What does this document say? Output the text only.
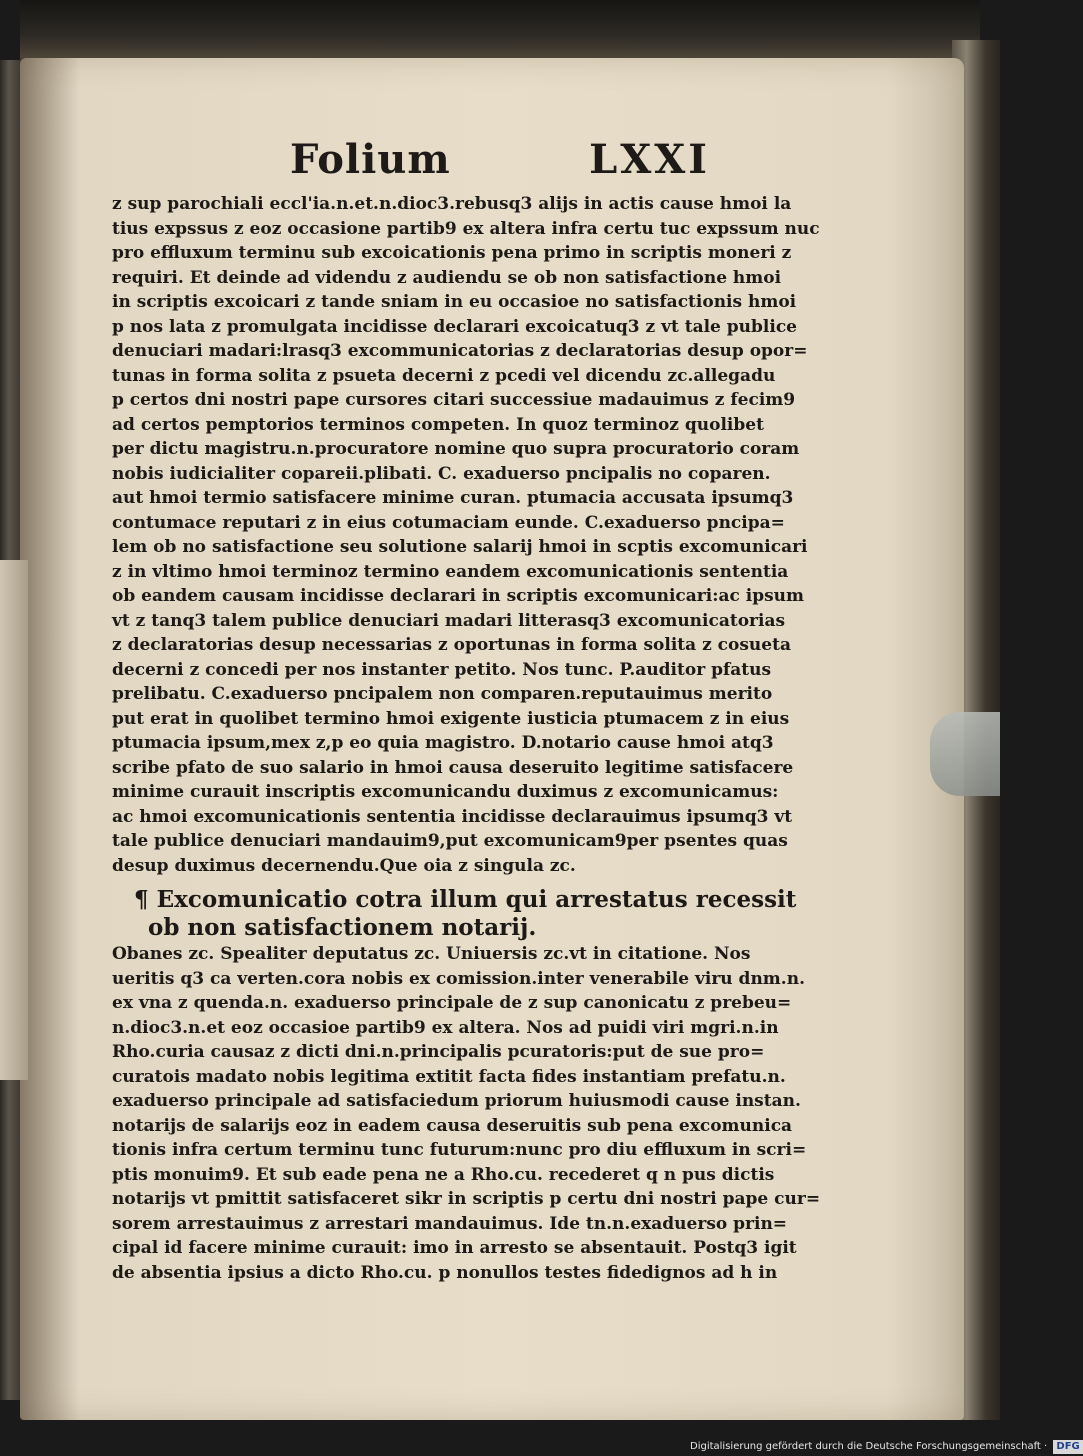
Folium	LXXI
z sup parochiali eccl'ia.n.et.n.dioc3.rebusq3 alijs in actis cause hmoi la
tius expssus z eoz occasione partib9 ex altera infra certu tuc expssum nuc
pro effluxum terminu sub excoicationis pena primo in scriptis moneri z
requiri. Et deinde ad videndu z audiendu se ob non satisfactione hmoi
in scriptis excoicari z tande sniam in eu occasioe no satisfactionis hmoi
p nos lata z promulgata incidisse declarari excoicatuq3 z vt tale publice
denuciari madari:lrasq3 excommunicatorias z declaratorias desup opor=
tunas in forma solita z psueta decerni z pcedi vel dicendu zc.allegadu
p certos dni nostri pape cursores citari successiue madauimus z fecim9
ad certos pemptorios terminos competen. In quoz terminoz quolibet
per dictu magistru.n.procuratore nomine quo supra procuratorio coram
nobis iudicialiter copareii.plibati. C. exaduerso pncipalis no coparen.
aut hmoi termio satisfacere minime curan. ptumacia accusata ipsumq3
contumace reputari z in eius cotumaciam eunde. C.exaduerso pncipa=
lem ob no satisfactione seu solutione salarij hmoi in scptis excomunicari
z in vltimo hmoi terminoz termino eandem excomunicationis sententia
ob eandem causam incidisse declarari in scriptis excomunicari:ac ipsum
vt z tanq3 talem publice denuciari madari litterasq3 excomunicatorias
z declaratorias desup necessarias z oportunas in forma solita z cosueta
decerni z concedi per nos instanter petito. Nos tunc. P.auditor pfatus
prelibatu. C.exaduerso pncipalem non comparen.reputauimus merito
put erat in quolibet termino hmoi exigente iusticia ptumacem z in eius
ptumacia ipsum,mex z,p eo quia magistro. D.notario cause hmoi atq3
scribe pfato de suo salario in hmoi causa deseruito legitime satisfacere
minime curauit inscriptis excomunicandu duximus z excomunicamus:
ac hmoi excomunicationis sententia incidisse declarauimus ipsumq3 vt
tale publice denuciari mandauim9,put excomunicam9per psentes quas
desup duximus decernendu.Que oia z singula zc.
¶ Excomunicatio cotra illum qui arrestatus recessit
ob non satisfactionem notarij.
Obanes zc. Spealiter deputatus zc. Uniuersis zc.vt in citatione. Nos
ueritis q3 ca verten.cora nobis ex comission.inter venerabile viru dnm.n.
ex vna z quenda.n. exaduerso principale de z sup canonicatu z prebeu=
n.dioc3.n.et eoz occasioe partib9 ex altera. Nos ad puidi viri mgri.n.in
Rho.curia causaz z dicti dni.n.principalis pcuratoris:put de sue pro=
curatois madato nobis legitima extitit facta fides instantiam prefatu.n.
exaduerso principale ad satisfaciedum priorum huiusmodi cause instan.
notarijs de salarijs eoz in eadem causa deseruitis sub pena excomunica
tionis infra certum terminu tunc futurum:nunc pro diu effluxum in scri=
ptis monuim9. Et sub eade pena ne a Rho.cu. recederet q n pus dictis
notarijs vt pmittit satisfaceret sikr in scriptis p certu dni nostri pape cur=
sorem arrestauimus z arrestari mandauimus. Ide tn.n.exaduerso prin=
cipal id facere minime curauit: imo in arresto se absentauit. Postq3 igit
de absentia ipsius a dicto Rho.cu. p nonullos testes fidedignos ad h in
Digitalisierung gefördert durch die Deutsche Forschungsgemeinschaft · DFG
